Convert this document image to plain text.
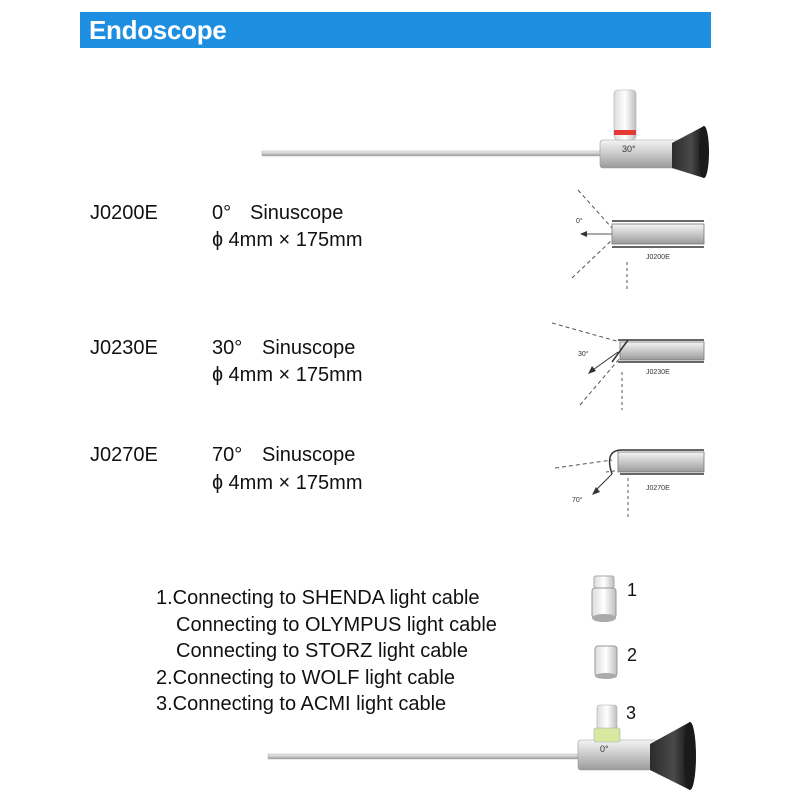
Endoscope
30°
J0200E	0° Sinuscope
ɸ 4mm × 175mm
J0230E	30° Sinuscope
ɸ 4mm × 175mm
J0270E	70° Sinuscope
ɸ 4mm × 175mm
0°
J0200E
30°
J0230E
70°
J0270E
1.Connecting to SHENDA light cable
Connecting to OLYMPUS light cable
Connecting to STORZ light cable
2.Connecting to WOLF light cable
3.Connecting to ACMI light cable
1
2
3
0°
